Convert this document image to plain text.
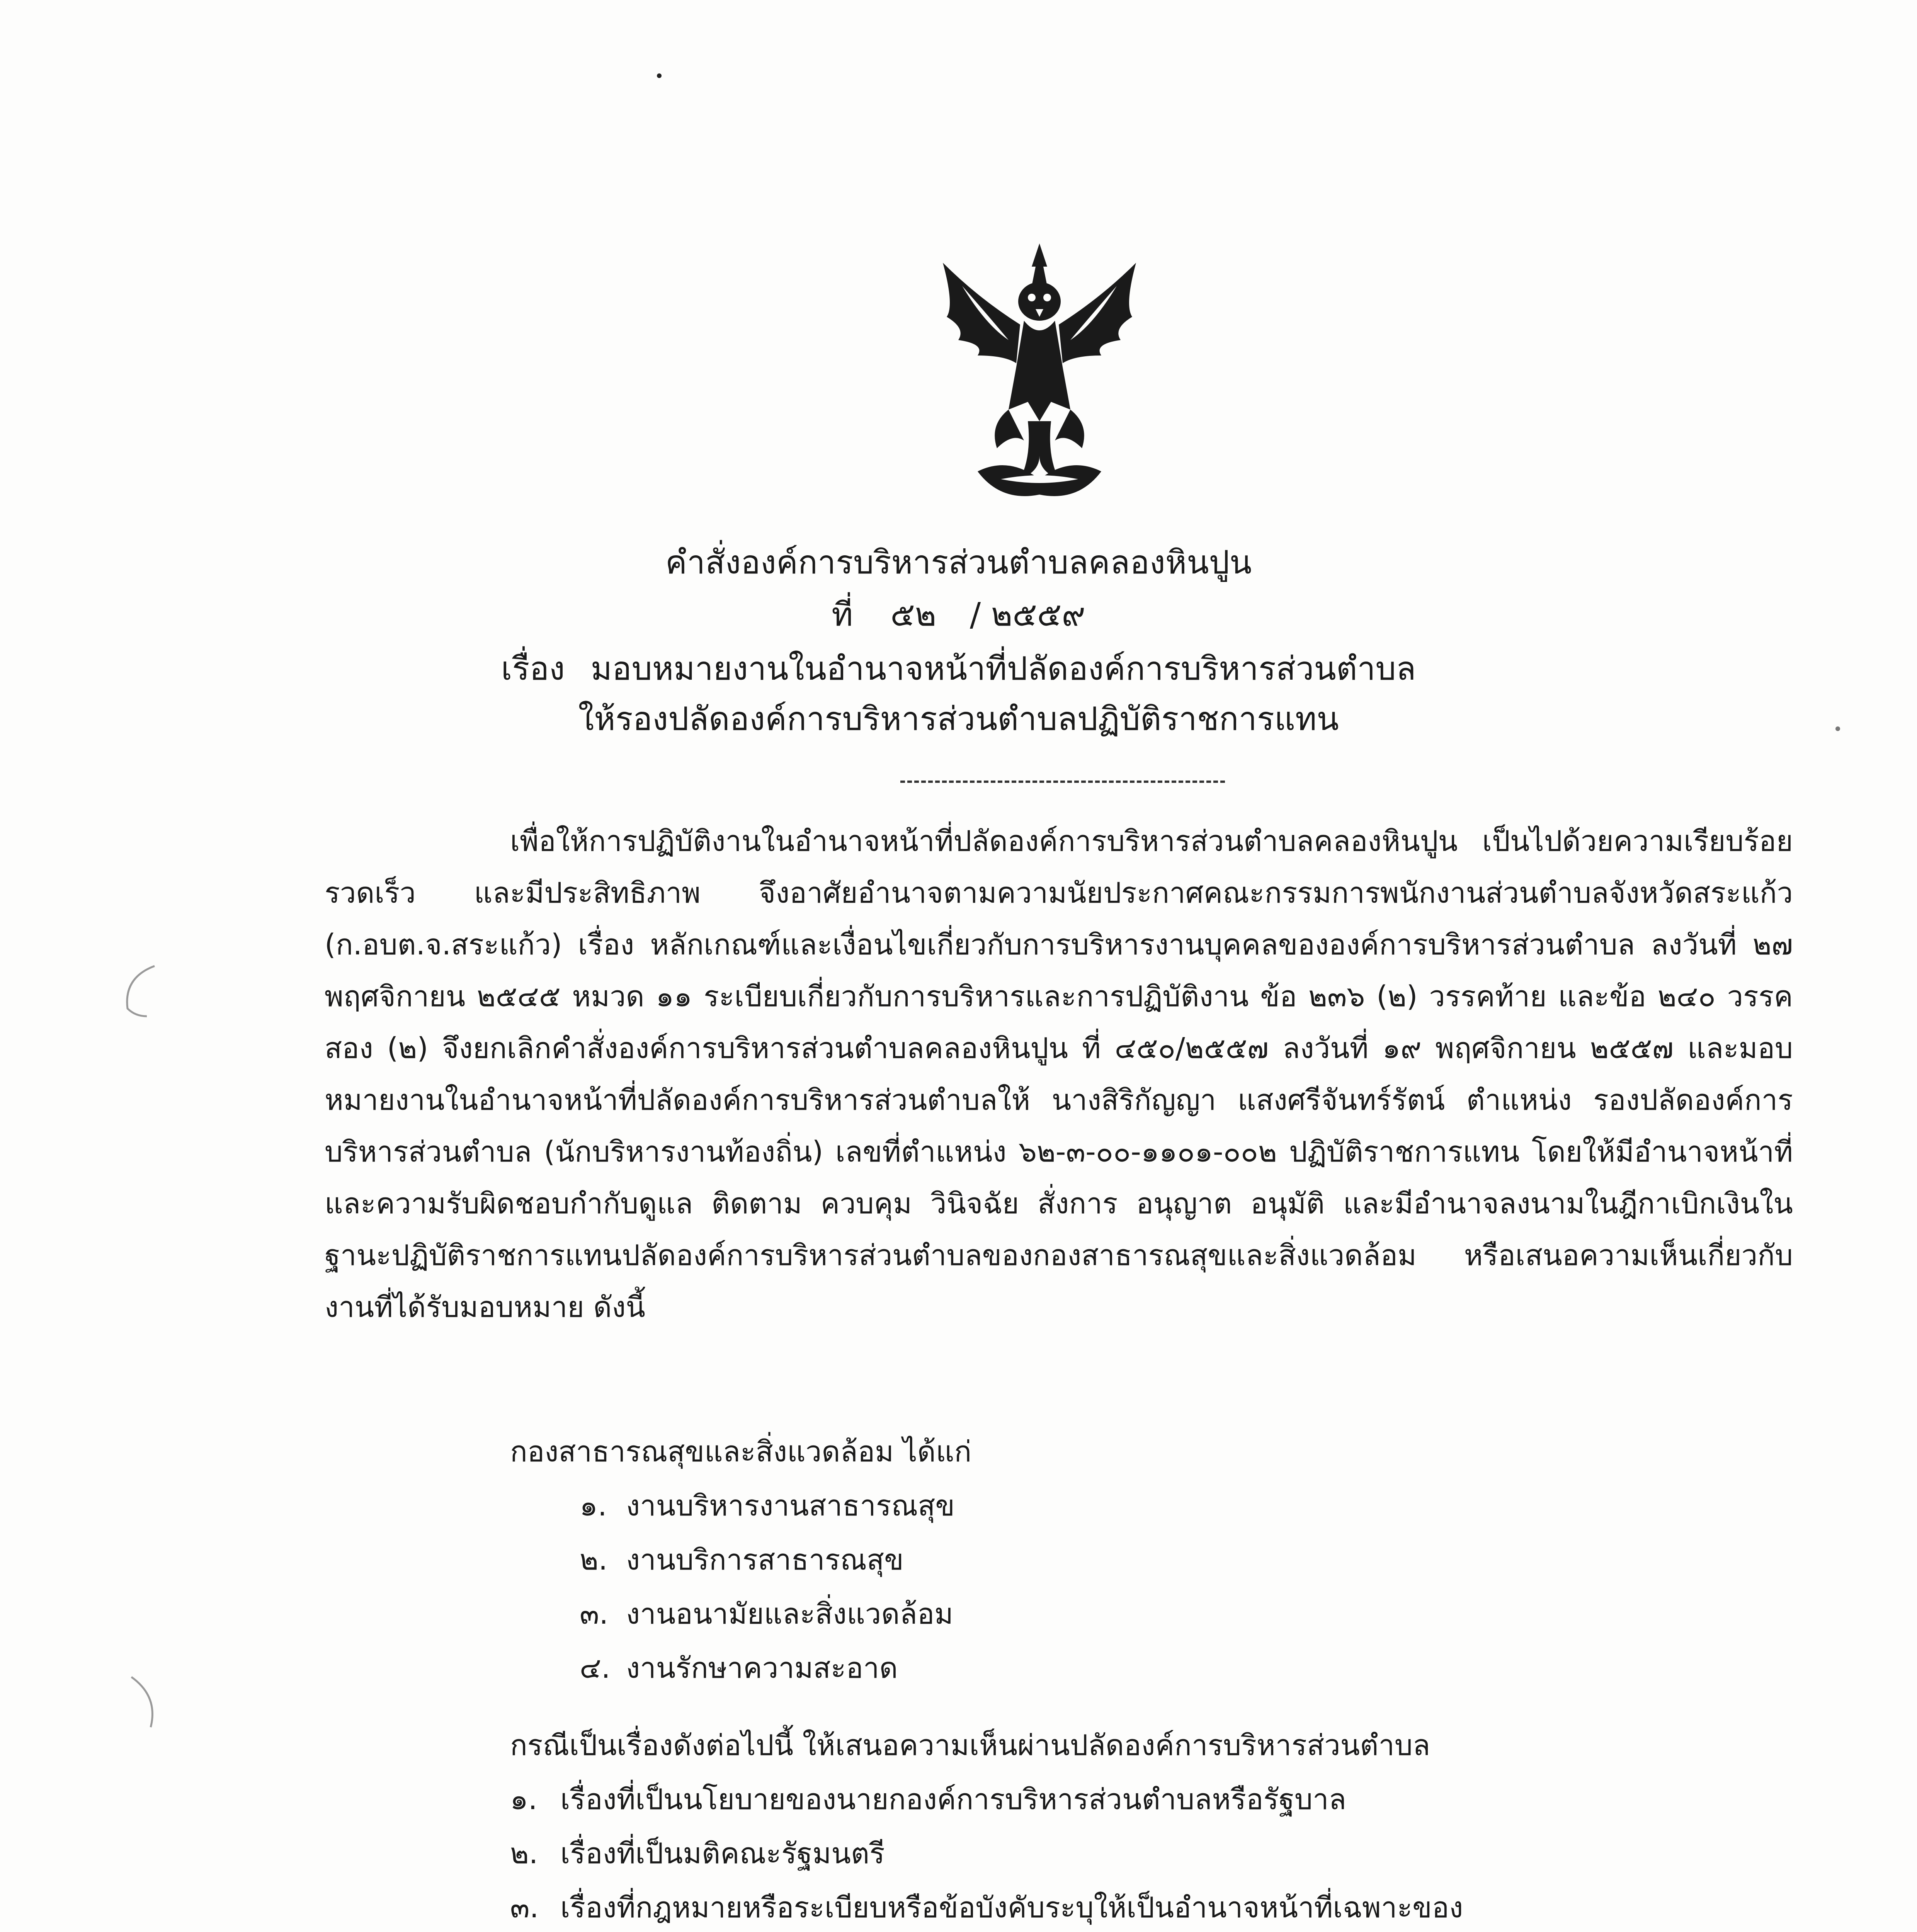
คำสั่งองค์การบริหารส่วนตำบลคลองหินปูน
ที่ ๕๒ / ๒๕๕๙
เรื่อง มอบหมายงานในอำนาจหน้าที่ปลัดองค์การบริหารส่วนตำบล
ให้รองปลัดองค์การบริหารส่วนตำบลปฏิบัติราชการแทน

เพื่อให้การปฏิบัติงานในอำนาจหน้าที่ปลัดองค์การบริหารส่วนตำบลคลองหินปูน เป็นไปด้วยความเรียบร้อย รวดเร็ว และมีประสิทธิภาพ จึงอาศัยอำนาจตามความนัยประกาศคณะกรรมการพนักงานส่วนตำบลจังหวัดสระแก้ว (ก.อบต.จ.สระแก้ว) เรื่อง หลักเกณฑ์และเงื่อนไขเกี่ยวกับการบริหารงานบุคคลขององค์การบริหารส่วนตำบล ลงวันที่ ๒๗ พฤศจิกายน ๒๕๔๕ หมวด ๑๑ ระเบียบเกี่ยวกับการบริหารและการปฏิบัติงาน ข้อ ๒๓๖ (๒) วรรคท้าย และข้อ ๒๔๐ วรรคสอง (๒) จึงยกเลิกคำสั่งองค์การบริหารส่วนตำบลคลองหินปูน ที่ ๔๕๐/๒๕๕๗ ลงวันที่ ๑๙ พฤศจิกายน ๒๕๕๗ และมอบหมายงานในอำนาจหน้าที่ปลัดองค์การบริหารส่วนตำบลให้ นางสิริกัญญา แสงศรีจันทร์รัตน์ ตำแหน่ง รองปลัดองค์การบริหารส่วนตำบล (นักบริหารงานท้องถิ่น) เลขที่ตำแหน่ง ๖๒-๓-๐๐-๑๑๐๑-๐๐๒ ปฏิบัติราชการแทน โดยให้มีอำนาจหน้าที่และความรับผิดชอบกำกับดูแล ติดตาม ควบคุม วินิจฉัย สั่งการ อนุญาต อนุมัติ และมีอำนาจลงนามในฎีกาเบิกเงินในฐานะปฏิบัติราชการแทนปลัดองค์การบริหารส่วนตำบลของกองสาธารณสุขและสิ่งแวดล้อม หรือเสนอความเห็นเกี่ยวกับงานที่ได้รับมอบหมาย ดังนี้

กองสาธารณสุขและสิ่งแวดล้อม ได้แก่
๑. งานบริหารงานสาธารณสุข
๒. งานบริการสาธารณสุข
๓. งานอนามัยและสิ่งแวดล้อม
๔. งานรักษาความสะอาด
กรณีเป็นเรื่องดังต่อไปนี้ ให้เสนอความเห็นผ่านปลัดองค์การบริหารส่วนตำบล
๑. เรื่องที่เป็นนโยบายของนายกองค์การบริหารส่วนตำบลหรือรัฐบาล
๒. เรื่องที่เป็นมติคณะรัฐมนตรี
๓. เรื่องที่กฎหมายหรือระเบียบหรือข้อบังคับระบุให้เป็นอำนาจหน้าที่เฉพาะของ
